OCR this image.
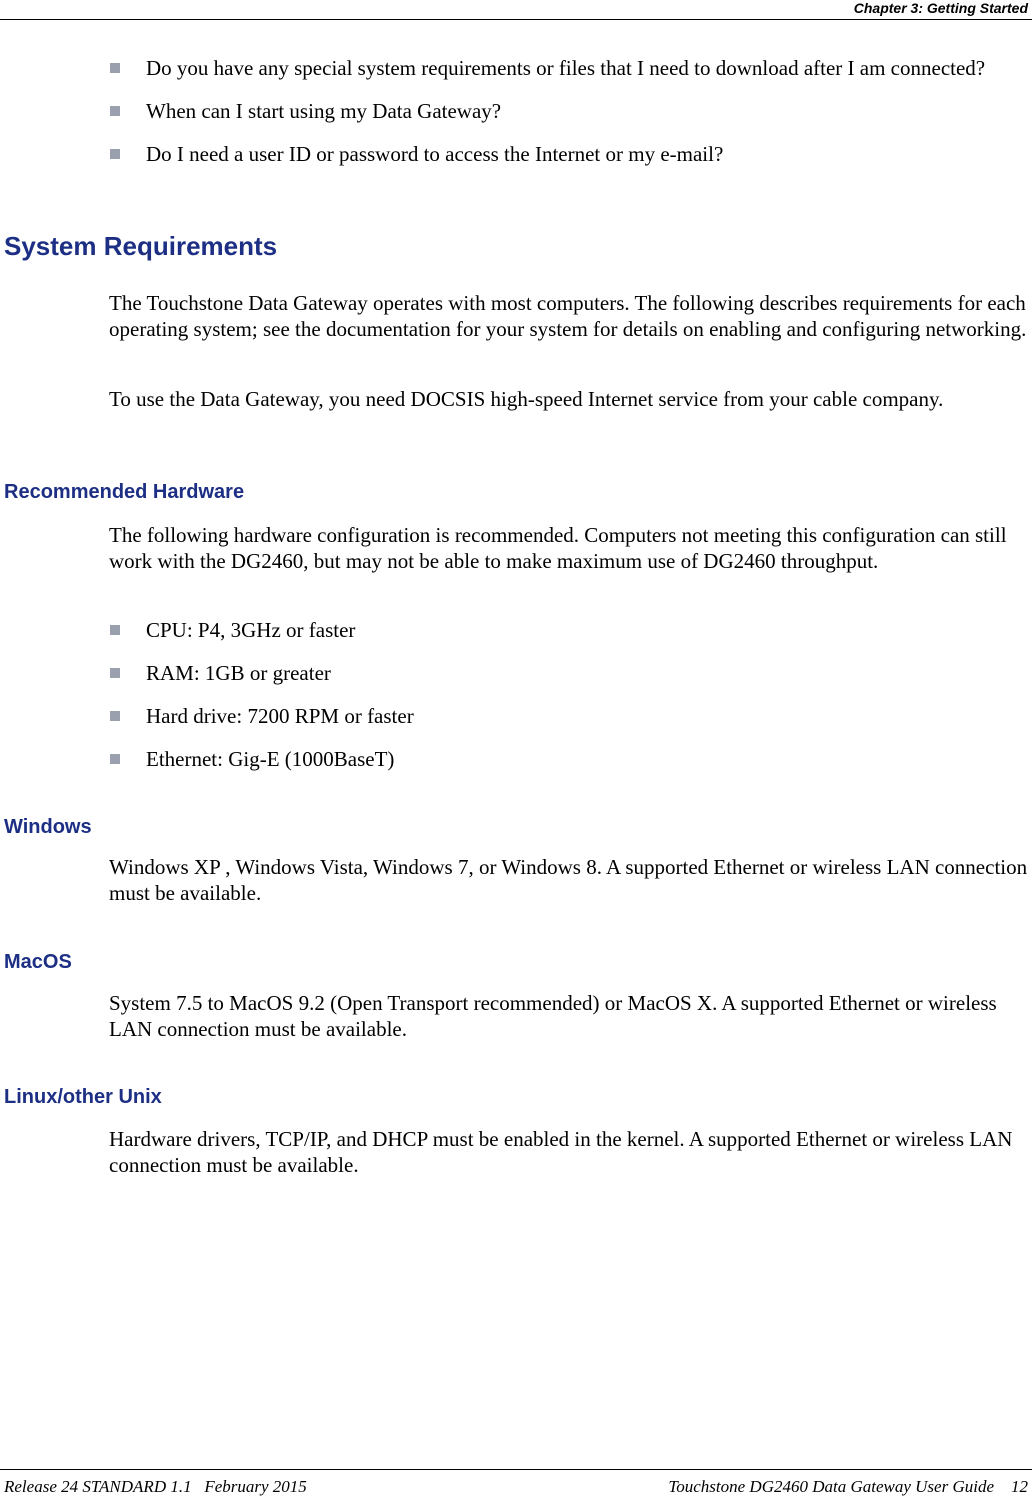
Chapter 3: Getting Started
Do you have any special system requirements or files that I need to download after I am connected?
When can I start using my Data Gateway?
Do I need a user ID or password to access the Internet or my e-mail?
System Requirements

The Touchstone Data Gateway operates with most computers. The following describes requirements for each operating system; see the documentation for your system for details on enabling and configuring networking.

To use the Data Gateway, you need DOCSIS high-speed Internet service from your cable company.

Recommended Hardware

The following hardware configuration is recommended. Computers not meeting this configuration can still work with the DG2460, but may not be able to make maximum use of DG2460 throughput.

CPU: P4, 3GHz or faster
RAM: 1GB or greater
Hard drive: 7200 RPM or faster
Ethernet: Gig-E (1000BaseT)
Windows

Windows XP , Windows Vista, Windows 7, or Windows 8. A supported Ethernet or wireless LAN connection must be available.

MacOS

System 7.5 to MacOS 9.2 (Open Transport recommended) or MacOS X. A supported Ethernet or wireless LAN connection must be available.

Linux/other Unix

Hardware drivers, TCP/IP, and DHCP must be enabled in the kernel. A supported Ethernet or wireless LAN connection must be available.

Release 24 STANDARD 1.1   February 2015	Touchstone DG2460 Data Gateway User Guide    12
